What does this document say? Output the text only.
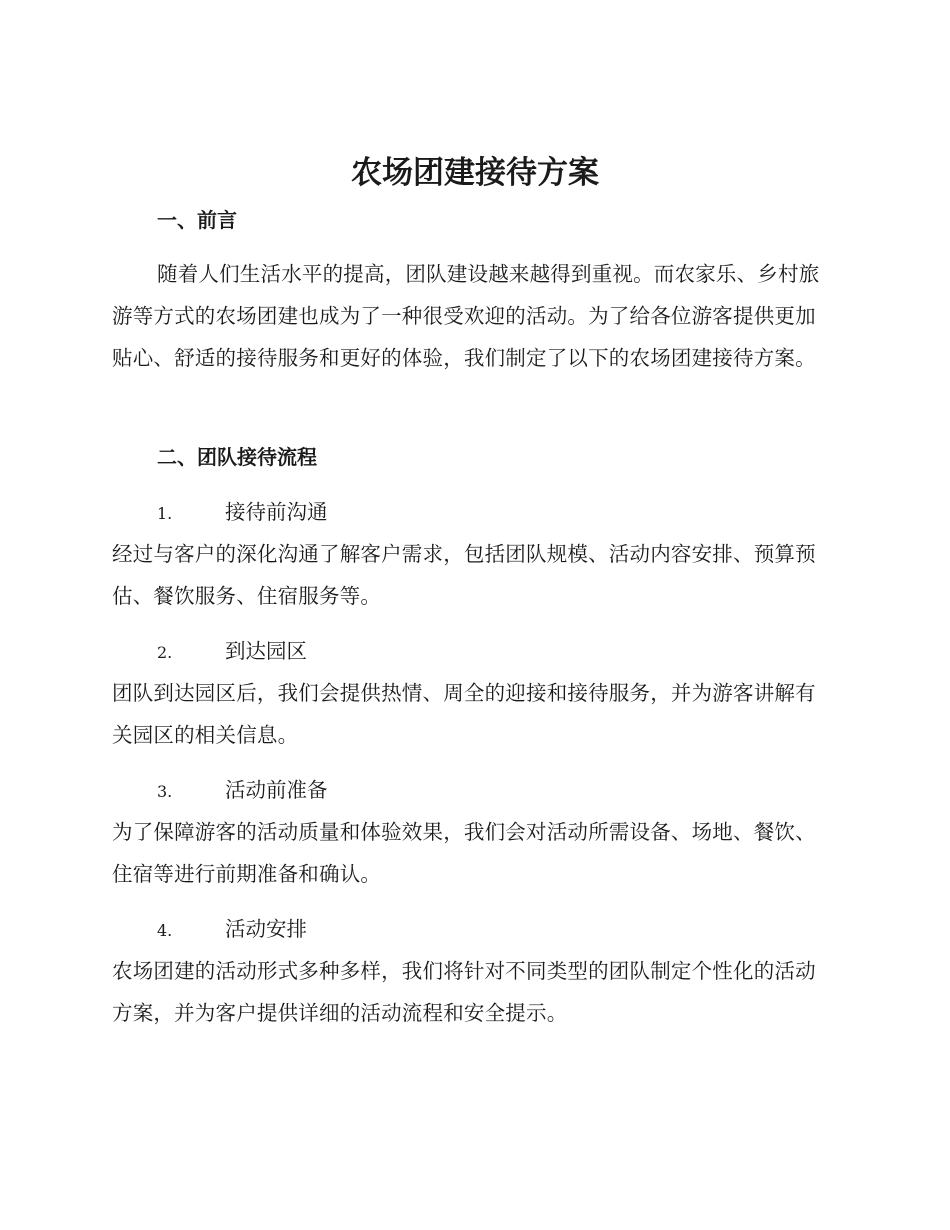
农场团建接待方案
一、前言

随着人们生活水平的提高，团队建设越来越得到重视。而农家乐、乡村旅游等方式的农场团建也成为了一种很受欢迎的活动。为了给各位游客提供更加贴心、舒适的接待服务和更好的体验，我们制定了以下的农场团建接待方案。

二、团队接待流程
1.	接待前沟通

经过与客户的深化沟通了解客户需求，包括团队规模、活动内容安排、预算预估、餐饮服务、住宿服务等。

2.	到达园区

团队到达园区后，我们会提供热情、周全的迎接和接待服务，并为游客讲解有关园区的相关信息。

3.	活动前准备

为了保障游客的活动质量和体验效果，我们会对活动所需设备、场地、餐饮、住宿等进行前期准备和确认。

4.	活动安排

农场团建的活动形式多种多样，我们将针对不同类型的团队制定个性化的活动方案，并为客户提供详细的活动流程和安全提示。
